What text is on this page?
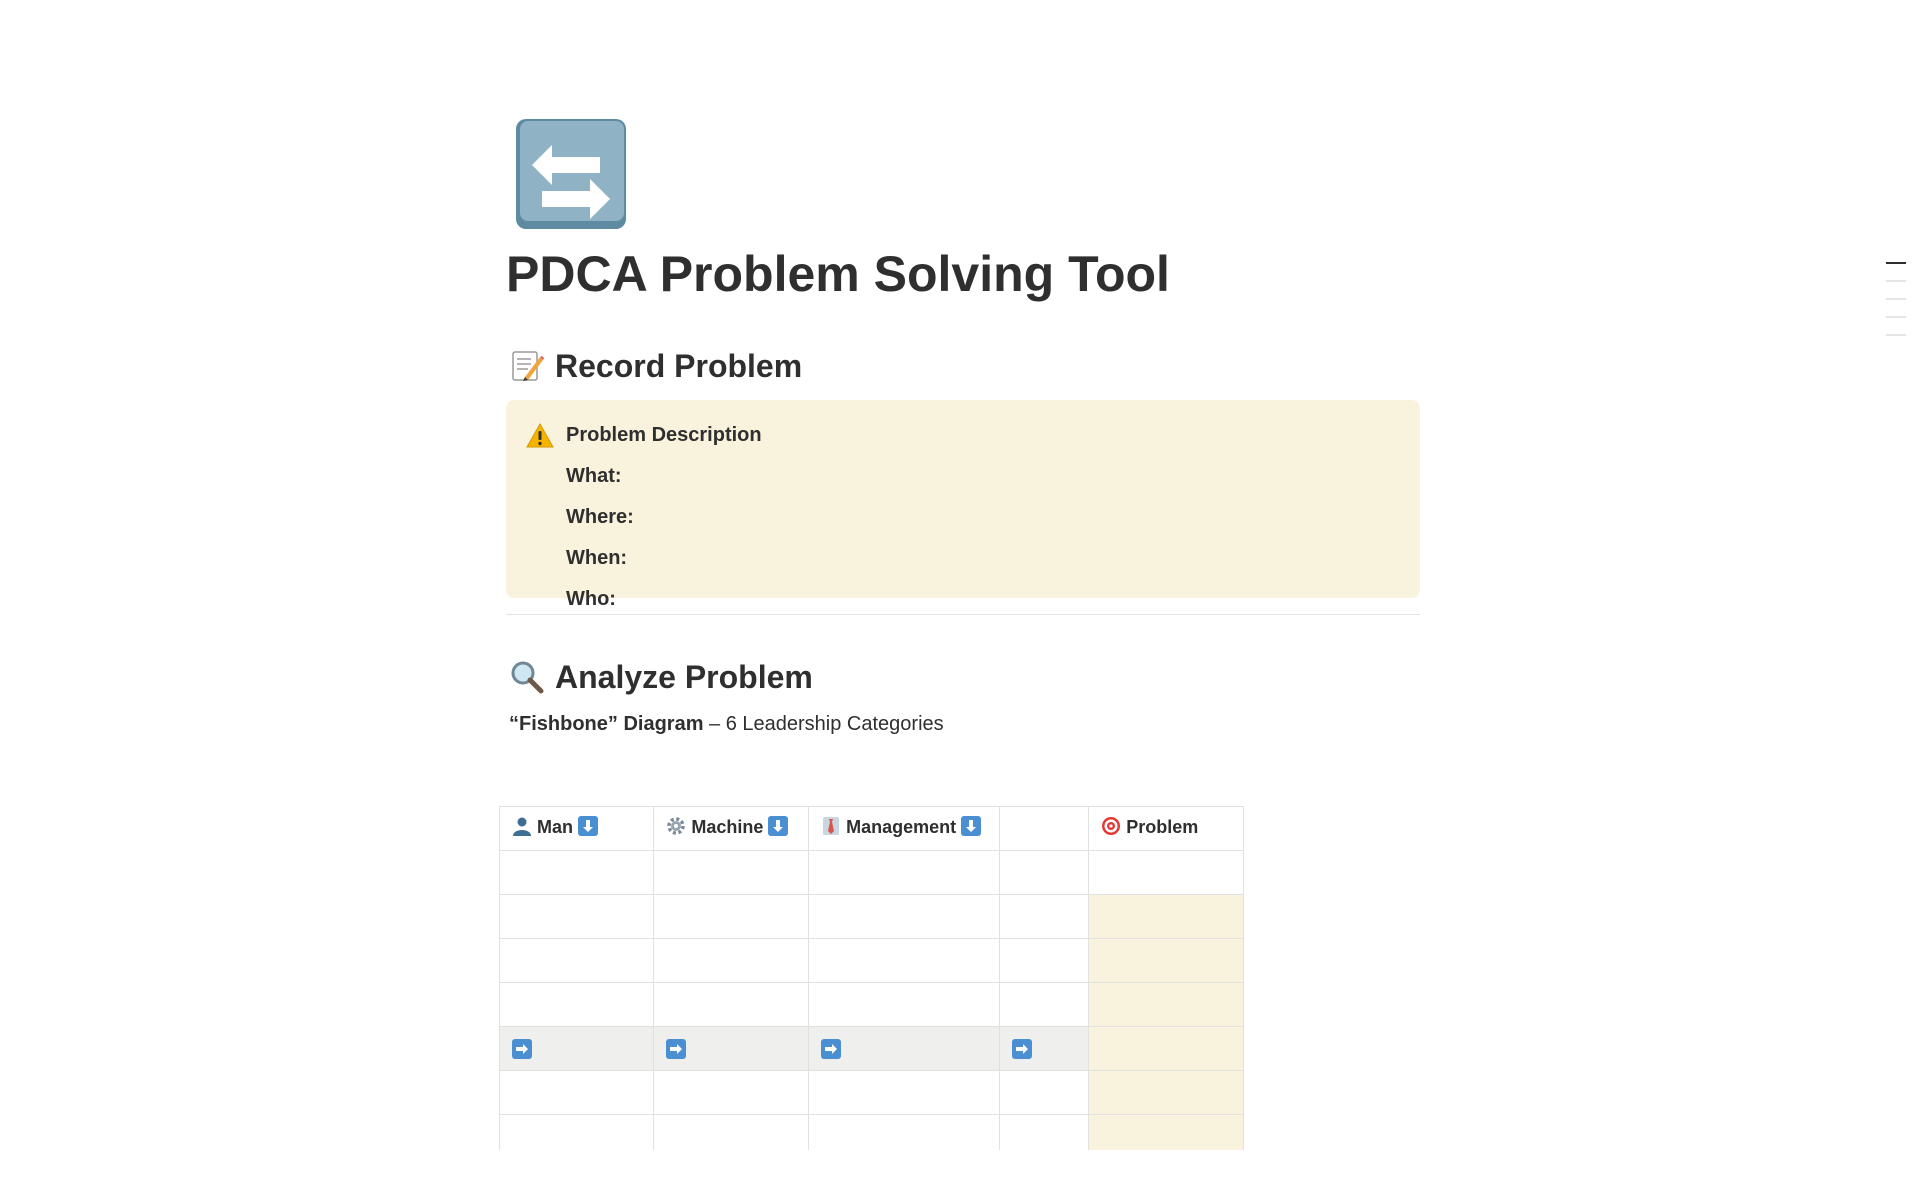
PDCA Problem Solving Tool
Record Problem
Problem Description
What:
Where:
When:
Who:
Analyze Problem
“Fishbone” Diagram – 6 Leadership Categories
Man	Machine	Management		Problem
